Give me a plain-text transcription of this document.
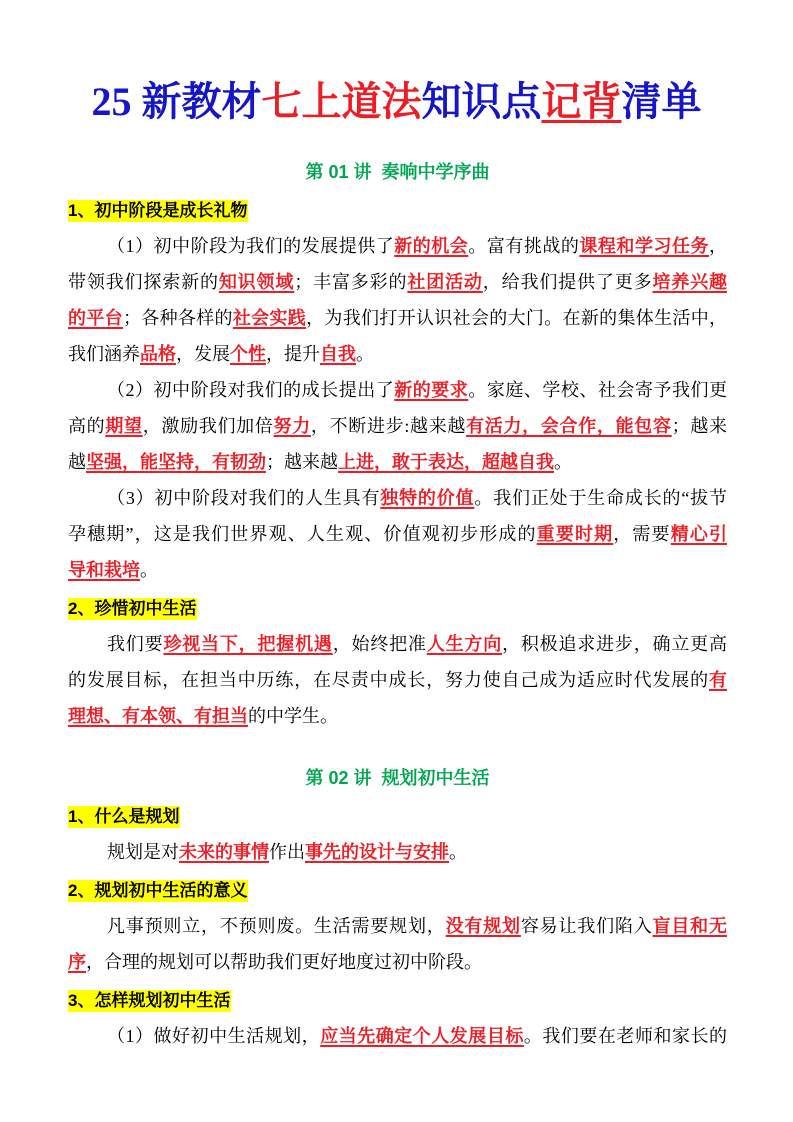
25 新教材七上道法知识点记背清单
第 01 讲  奏响中学序曲
1、初中阶段是成长礼物
（1）初中阶段为我们的发展提供了新的机会。富有挑战的课程和学习任务，
带领我们探索新的知识领域；丰富多彩的社团活动，给我们提供了更多培养兴趣
的平台；各种各样的社会实践，为我们打开认识社会的大门。在新的集体生活中，
我们涵养品格，发展个性，提升自我。
（2）初中阶段对我们的成长提出了新的要求。家庭、学校、社会寄予我们更
高的期望，激励我们加倍努力，不断进步:越来越有活力，会合作，能包容；越来
越坚强，能坚持，有韧劲；越来越上进，敢于表达，超越自我。
（3）初中阶段对我们的人生具有独特的价值。我们正处于生命成长的“拔节
孕穗期”，这是我们世界观、人生观、价值观初步形成的重要时期，需要精心引
导和栽培。
2、珍惜初中生活
我们要珍视当下，把握机遇，始终把准人生方向，积极追求进步，确立更高
的发展目标，在担当中历练，在尽责中成长，努力使自己成为适应时代发展的有
理想、有本领、有担当的中学生。
第 02 讲  规划初中生活
1、什么是规划
规划是对未来的事情作出事先的设计与安排。
2、规划初中生活的意义
凡事预则立，不预则废。生活需要规划，没有规划容易让我们陷入盲目和无
序，合理的规划可以帮助我们更好地度过初中阶段。
3、怎样规划初中生活
（1）做好初中生活规划，应当先确定个人发展目标。我们要在老师和家长的
